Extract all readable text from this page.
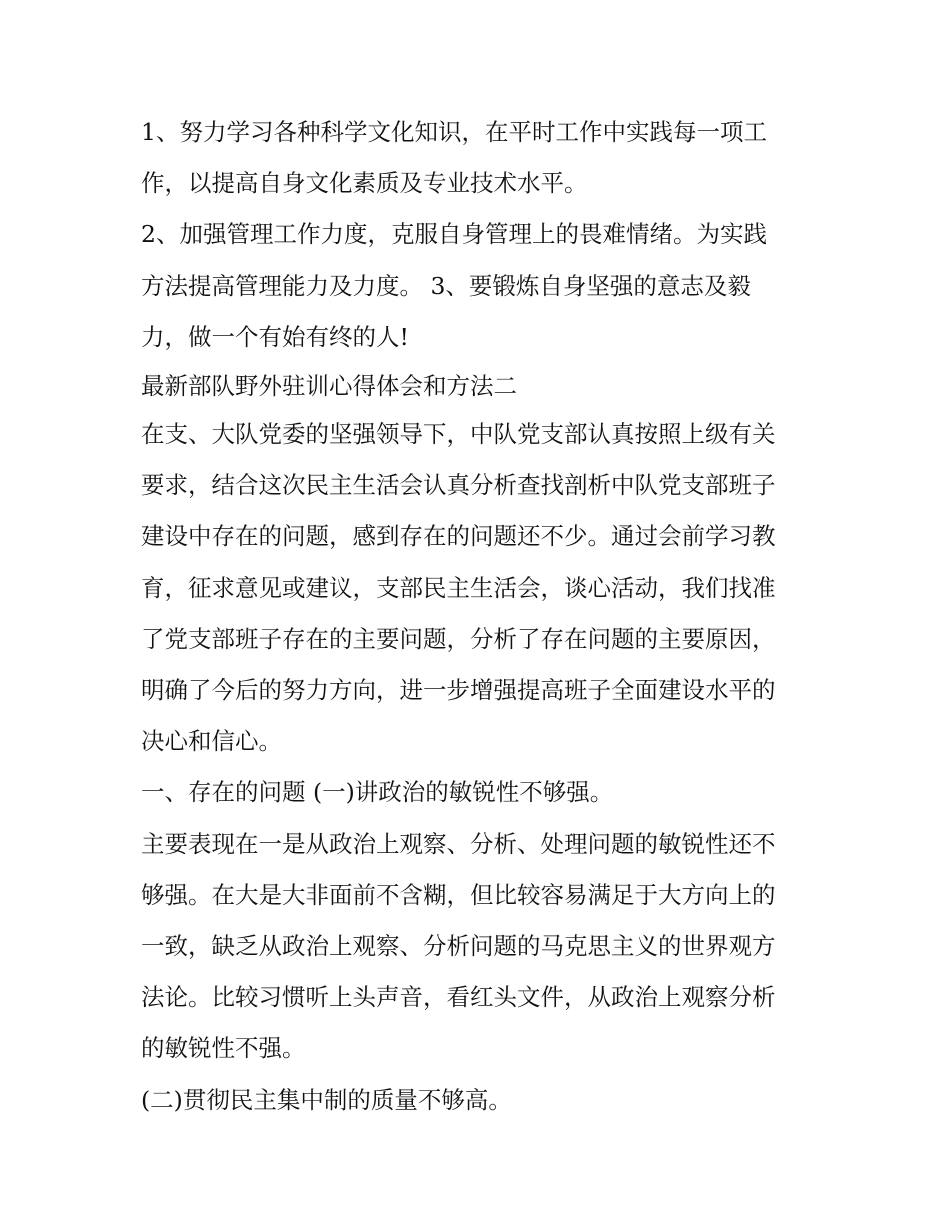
1、努力学习各种科学文化知识，在平时工作中实践每一项工

作，以提高自身文化素质及专业技术水平。

2、加强管理工作力度，克服自身管理上的畏难情绪。为实践

方法提高管理能力及力度。 3、要锻炼自身坚强的意志及毅

力，做一个有始有终的人!

最新部队野外驻训心得体会和方法二

在支、大队党委的坚强领导下，中队党支部认真按照上级有关

要求，结合这次民主生活会认真分析查找剖析中队党支部班子

建设中存在的问题，感到存在的问题还不少。通过会前学习教

育，征求意见或建议，支部民主生活会，谈心活动，我们找准

了党支部班子存在的主要问题，分析了存在问题的主要原因，

明确了今后的努力方向，进一步增强提高班子全面建设水平的

决心和信心。

一、存在的问题 (一)讲政治的敏锐性不够强。

主要表现在一是从政治上观察、分析、处理问题的敏锐性还不

够强。在大是大非面前不含糊，但比较容易满足于大方向上的

一致，缺乏从政治上观察、分析问题的马克思主义的世界观方

法论。比较习惯听上头声音，看红头文件，从政治上观察分析

的敏锐性不强。

(二)贯彻民主集中制的质量不够高。
